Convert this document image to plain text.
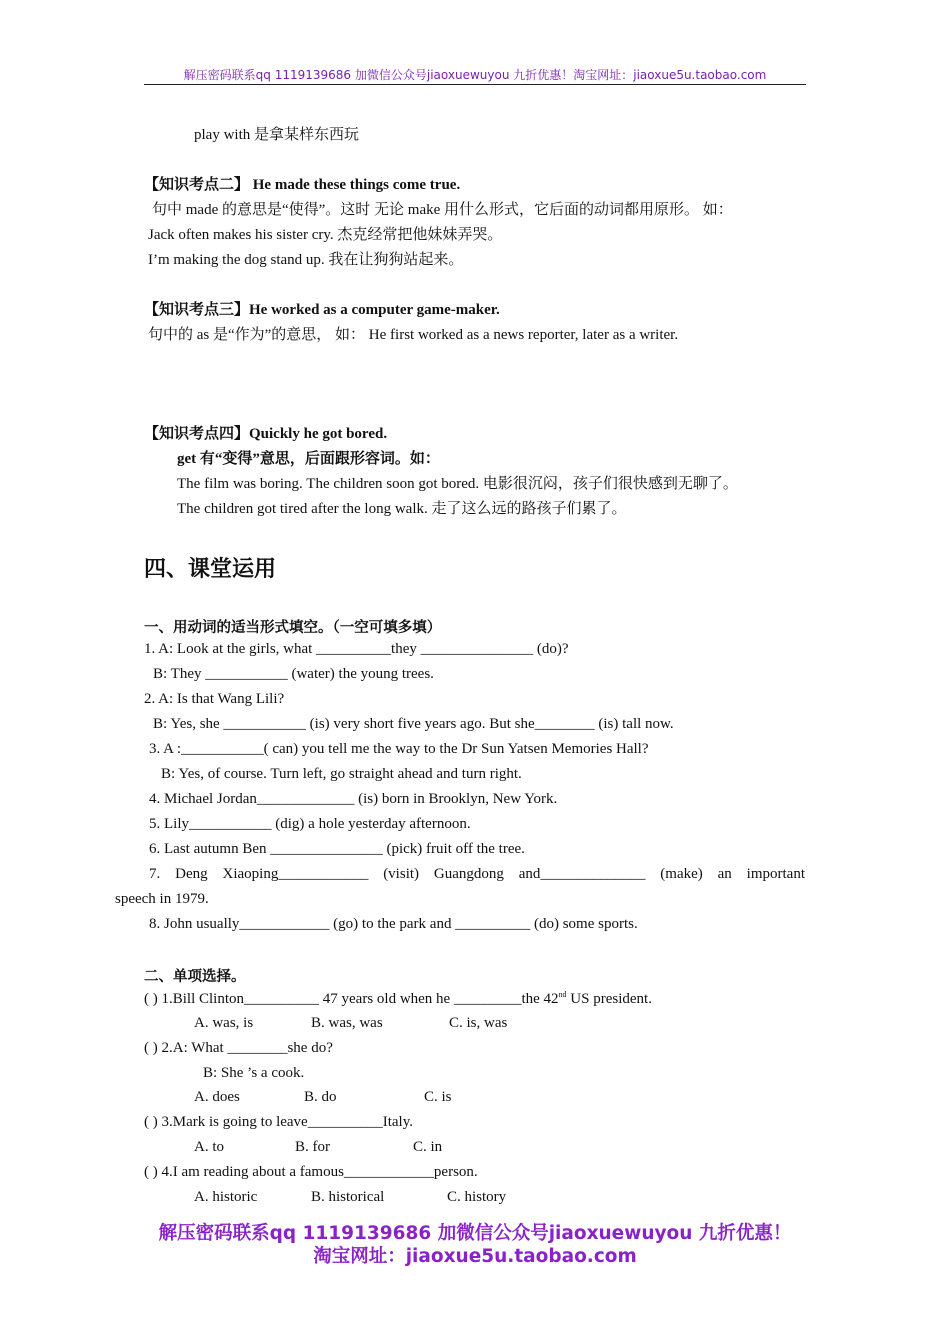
解压密码联系qq 1119139686 加微信公众号jiaoxuewuyou 九折优惠！淘宝网址：jiaoxue5u.taobao.com
play with 是拿某样东西玩
【知识考点二】 He made these things come true.
句中 made 的意思是“使得”。这时 无论 make 用什么形式，它后面的动词都用原形。 如：
Jack often makes his sister cry. 杰克经常把他妹妹弄哭。
I’m making the dog stand up. 我在让狗狗站起来。
【知识考点三】He worked as a computer game-maker.
句中的 as 是“作为”的意思， 如： He first worked as a news reporter, later as a writer.
【知识考点四】Quickly he got bored.
get 有“变得”意思，后面跟形容词。如：
The film was boring. The children soon got bored. 电影很沉闷，孩子们很快感到无聊了。
The children got tired after the long walk. 走了这么远的路孩子们累了。
四、课堂运用
一、用动词的适当形式填空。（一空可填多填）
1. A: Look at the girls, what __________they _______________ (do)?
B: They ___________ (water) the young trees.
2. A: Is that Wang Lili?
B: Yes, she ___________ (is) very short five years ago. But she________ (is) tall now.
3. A :___________( can) you tell me the way to the Dr Sun Yatsen Memories Hall?
B: Yes, of course. Turn left, go straight ahead and turn right.
4. Michael Jordan_____________ (is) born in Brooklyn, New York.
5. Lily___________ (dig) a hole yesterday afternoon.
6. Last autumn Ben _______________ (pick) fruit off the tree.
7. Deng Xiaoping____________ (visit) Guangdong and______________ (make) an important
speech in 1979.
8. John usually____________ (go) to the park and __________ (do) some sports.
二、单项选择。
( ) 1.Bill Clinton__________ 47 years old when he _________the 42nd US president.
A. was, is	B. was, was	C. is, was
( ) 2.A: What ________she do?
B: She ’s a cook.
A. does	B. do	C. is
( ) 3.Mark is going to leave__________Italy.
A. to	B. for	C. in
( ) 4.I am reading about a famous____________person.
A. historic	B. historical	C. history
解压密码联系qq 1119139686 加微信公众号jiaoxuewuyou 九折优惠！
淘宝网址：jiaoxue5u.taobao.com
